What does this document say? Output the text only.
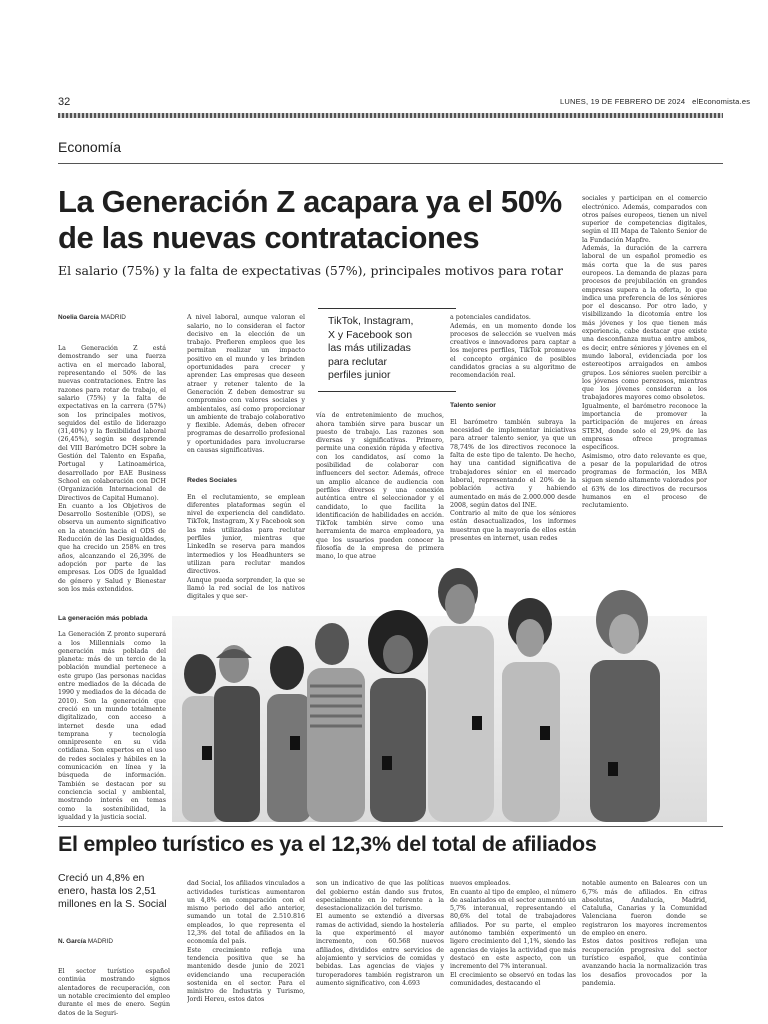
32	LUNES, 19 DE FEBRERO DE 2024 elEconomista.es
Economía
La Generación Z acapara ya el 50% de las nuevas contrataciones
El salario (75%) y la falta de expectativas (57%), principales motivos para rotar

Noelia García MADRID

La Generación Z está demostrando ser una fuerza activa en el mercado laboral, representando el 50% de las nuevas contrataciones. Entre las razones para rotar de trabajo, el salario (75%) y la falta de expectativas en la carrera (57%) son los principales motivos, seguidos del estilo de liderazgo (31,40%) y la flexibilidad laboral (26,45%), según se desprende del VIII Barómetro DCH sobre la Gestión del Talento en España, Portugal y Latinoamérica, desarrollado por EAE Business School en colaboración con DCH (Organización Internacional de Directivos de Capital Humano).
En cuanto a los Objetivos de Desarrollo Sostenible (ODS), se observa un aumento significativo en la atención hacia el ODS de Reducción de las Desigualdades, que ha crecido un 258% en tres años, alcanzando el 26,39% de adopción por parte de las empresas. Los ODS de Igualdad de género y Salud y Bienestar son los más extendidos.

La generación más poblada

La Generación Z pronto superará a los Millennials como la generación más poblada del planeta: más de un tercio de la población mundial pertenece a este grupo (las personas nacidas entre mediados de la década de 1990 y mediados de la década de 2010). Son la generación que creció en un mundo totalmente digitalizado, con acceso a internet desde una edad temprana y tecnología omnipresente en su vida cotidiana. Son expertos en el uso de redes sociales y hábiles en la comunicación en línea y la búsqueda de información. También se destacan por su conciencia social y ambiental, mostrando interés en temas como la sostenibilidad, la igualdad y la justicia social.

A nivel laboral, aunque valoran el salario, no lo consideran el factor decisivo en la elección de un trabajo. Prefieren empleos que les permitan realizar un impacto positivo en el mundo y les brinden oportunidades para crecer y aprender. Las empresas que deseen atraer y retener talento de la Generación Z deben demostrar su compromiso con valores sociales y ambientales, así como proporcionar un ambiente de trabajo colaborativo y flexible. Además, deben ofrecer programas de desarrollo profesional y oportunidades para involucrarse en causas significativas.

Redes Sociales

En el reclutamiento, se emplean diferentes plataformas según el nivel de experiencia del candidato. TikTok, Instagram, X y Facebook son las más utilizadas para reclutar perfiles junior, mientras que LinkedIn se reserva para mandos intermedios y los Headhunters se utilizan para reclutar mandos directivos.
Aunque pueda sorprender, la que se llamó la red social de los nativos digitales y que ser-

TikTok, Instagram,
X y Facebook son
las más utilizadas
para reclutar
perfiles junior

vía de entretenimiento de muchos, ahora también sirve para buscar un puesto de trabajo. Las razones son diversas y significativas. Primero, permite una conexión rápida y efectiva con los candidatos, así como la posibilidad de colaborar con influencers del sector. Además, ofrece un amplio alcance de audiencia con perfiles diversos y una conexión auténtica entre el seleccionador y el candidato, lo que facilita la identificación de habilidades en acción. TikTok también sirve como una herramienta de marca empleadora, ya que los usuarios pueden conocer la filosofía de la empresa de primera mano, lo que atrae

a potenciales candidatos.
Además, en un momento donde los procesos de selección se vuelven más creativos e innovadores para captar a los mejores perfiles, TikTok promueve el concepto orgánico de posibles candidatos gracias a su algoritmo de recomendación real.

Talento senior

El barómetro también subraya la necesidad de implementar iniciativas para atraer talento senior, ya que un 78,74% de los directivos reconoce la falta de este tipo de talento. De hecho, hay una cantidad significativa de trabajadores sénior en el mercado laboral, representando el 20% de la población activa y habiendo aumentado en más de 2.000.000 desde 2008, según datos del INE.
Contrario al mito de que los séniores están desactualizados, los informes muestran que la mayoría de ellos están presentes en internet, usan redes

sociales y participan en el comercio electrónico. Además, comparados con otros países europeos, tienen un nivel superior de competencias digitales, según el III Mapa de Talento Senior de la Fundación Mapfre.
Además, la duración de la carrera laboral de un español promedio es más corta que la de sus pares europeos. La demanda de plazas para procesos de prejubilación en grandes empresas supera a la oferta, lo que indica una preferencia de los séniores por el descanso. Por otro lado, y visibilizando la dicotomía entre los más jóvenes y los que tienen más experiencia, cabe destacar que existe una desconfianza mutua entre ambos, es decir, entre séniores y jóvenes en el mundo laboral, evidenciada por los estereotipos arraigados en ambos grupos. Los séniores suelen percibir a los jóvenes como perezosos, mientras que los jóvenes consideran a los trabajadores mayores como obsoletos.
Igualmente, el barómetro reconoce la importancia de promover la participación de mujeres en áreas STEM, donde solo el 29,9% de las empresas ofrece programas específicos.
Asimismo, otro dato relevante es que, a pesar de la popularidad de otros programas de formación, los MBA siguen siendo altamente valorados por el 63% de los directivos de recursos humanos en el proceso de reclutamiento.

El empleo turístico es ya el 12,3% del total de afiliados
Creció un 4,8% en
enero, hasta los 2,51
millones en la S. Social

N. García MADRID

El sector turístico español continúa mostrando signos alentadores de recuperación, con un notable crecimiento del empleo durante el mes de enero. Según datos de la Seguri-

dad Social, los afiliados vinculados a actividades turísticas aumentaron un 4,8% en comparación con el mismo periodo del año anterior, sumando un total de 2.510.816 empleados, lo que representa el 12,3% del total de afiliados en la economía del país.
Este crecimiento refleja una tendencia positiva que se ha mantenido desde junio de 2021 evidenciando una recuperación sostenida en el sector. Para el ministro de Industria y Turismo, Jordi Hereu, estos datos

son un indicativo de que las políticas del gobierno están dando sus frutos, especialmente en lo referente a la desestacionalización del turismo.
El aumento se extendió a diversas ramas de actividad, siendo la hostelería la que experimentó el mayor incremento, con 60.568 nuevos afiliados, divididos entre servicios de alojamiento y servicios de comidas y bebidas. Las agencias de viajes y turoperadores también registraron un aumento significativo, con 4.693

nuevos empleados.
En cuanto al tipo de empleo, el número de asalariados en el sector aumentó un 5,7% interanual, representando el 80,6% del total de trabajadores afiliados. Por su parte, el empleo autónomo también experimentó un ligero crecimiento del 1,1%, siendo las agencias de viajes la actividad que más destacó en este aspecto, con un incremento del 7% interanual.
El crecimiento se observó en todas las comunidades, destacando el

notable aumento en Baleares con un 6,7% más de afiliados. En cifras absolutas, Andalucía, Madrid, Cataluña, Canarias y la Comunidad Valenciana fueron donde se registraron los mayores incrementos de empleo en enero.
Estos datos positivos reflejan una recuperación progresiva del sector turístico español, que continúa avanzando hacia la normalización tras los desafíos provocados por la pandemia.
